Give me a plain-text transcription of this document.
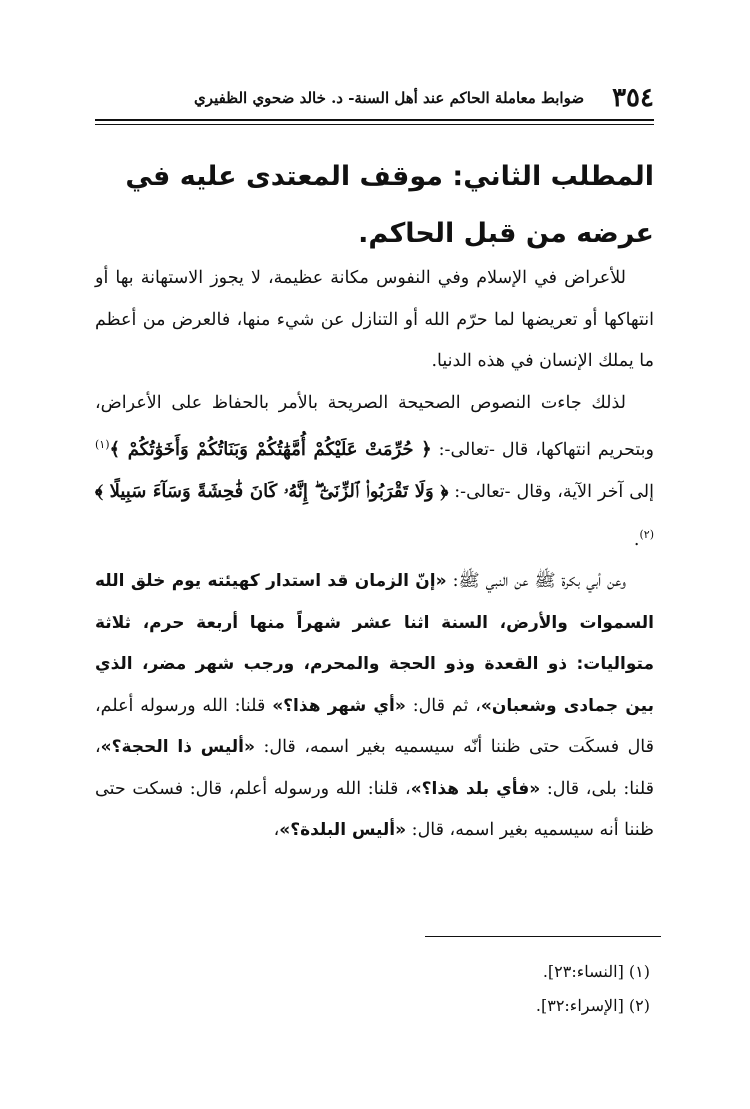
٣٥٤
ضوابط معاملة الحاكم عند أهل السنة- د. خالد ضحوي الظفيري
المطلب الثاني: موقف المعتدى عليه في عرضه من قبل الحاكم.

للأعراض في الإسلام وفي النفوس مكانة عظيمة، لا يجوز الاستهانة بها أو انتهاكها أو تعريضها لما حرّم الله أو التنازل عن شيء منها، فالعرض من أعظم ما يملك الإنسان في هذه الدنيا.

لذلك جاءت النصوص الصحيحة الصريحة بالأمر بالحفاظ على الأعراض، وبتحريم انتهاكها، قال -تعالى-: ﴿ حُرِّمَتْ عَلَيْكُمْ أُمَّهَٰتُكُمْ وَبَنَاتُكُمْ وَأَخَوَٰتُكُمْ ﴾$^{(١)}$ إلى آخر الآية، وقال -تعالى-: ﴿ وَلَا تَقْرَبُوا۟ ٱلزِّنَىٰٓ ۖ إِنَّهُۥ كَانَ فَٰحِشَةً وَسَآءَ سَبِيلًا ﴾$^{(٢)}$.

وعن أبي بكرة ﷺ عن النبي ﷺ: «إنّ الزمان قد استدار كهيئته يوم خلق الله السموات والأرض، السنة اثنا عشر شهراً منها أربعة حرم، ثلاثة متواليات: ذو القعدة وذو الحجة والمحرم، ورجب شهر مضر، الذي بين جمادى وشعبان»، ثم قال: «أي شهر هذا؟» قلنا: الله ورسوله أعلم، قال فسكَت حتى ظننا أنّه سيسميه بغير اسمه، قال: «أليس ذا الحجة؟»، قلنا: بلى، قال: «فأي بلد هذا؟»، قلنا: الله ورسوله أعلم، قال: فسكت حتى ظننا أنه سيسميه بغير اسمه، قال: «أليس البلدة؟»،

(١) [النساء:٢٣].

(٢) [الإسراء:٣٢].
